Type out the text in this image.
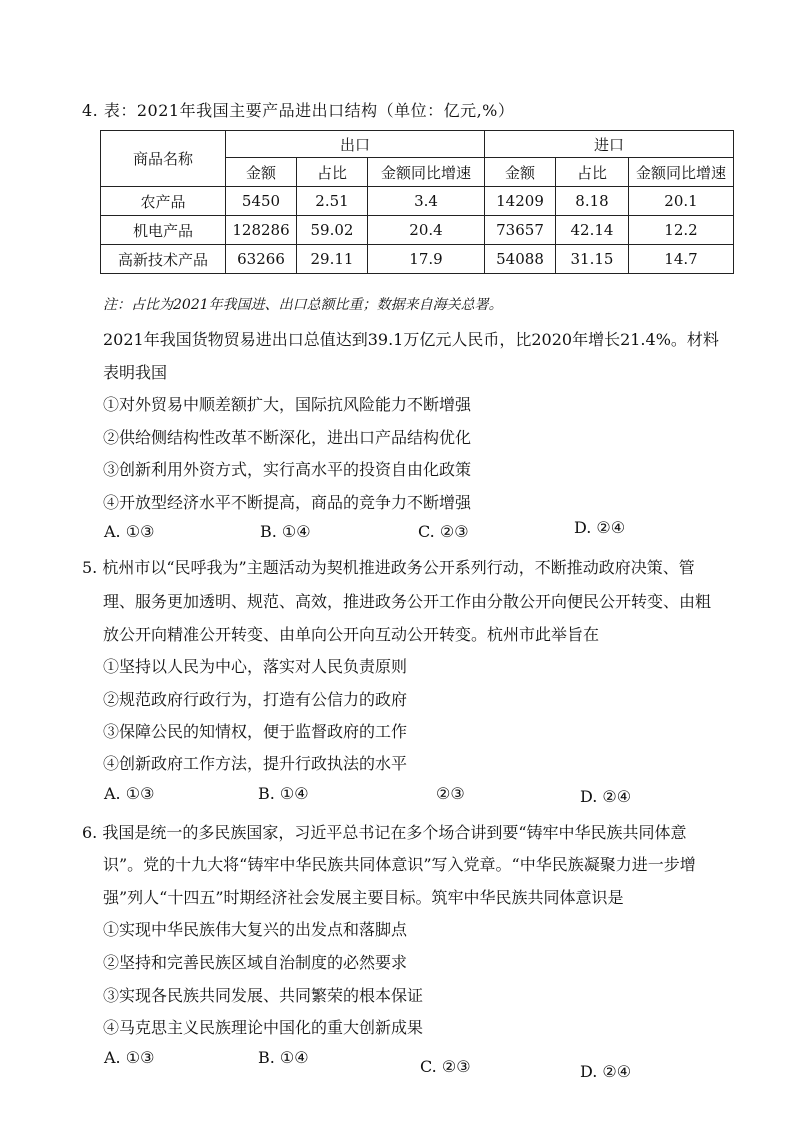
4. 表：2021年我国主要产品进出口结构（单位：亿元,%）
商品名称	出口			进口		
	金额	占比	金额同比增速	金额	占比	金额同比增速
农产品	5450	2.51	3.4	14209	8.18	20.1
机电产品	128286	59.02	20.4	73657	42.14	12.2
高新技术产品	63266	29.11	17.9	54088	31.15	14.7
注：占比为2021年我国进、出口总额比重；数据来自海关总署。
2021年我国货物贸易进出口总值达到39.1万亿元人民币，比2020年增长21.4%。材料
表明我国
①对外贸易中顺差额扩大，国际抗风险能力不断增强
②供给侧结构性改革不断深化，进出口产品结构优化
③创新利用外资方式，实行高水平的投资自由化政策
④开放型经济水平不断提高，商品的竞争力不断增强
A. ①③	B. ①④	C. ②③	D. ②④
5. 杭州市以“民呼我为”主题活动为契机推进政务公开系列行动，不断推动政府决策、管
理、服务更加透明、规范、高效，推进政务公开工作由分散公开向便民公开转变、由粗
放公开向精准公开转变、由单向公开向互动公开转变。杭州市此举旨在
①坚持以人民为中心，落实对人民负责原则
②规范政府行政行为，打造有公信力的政府
③保障公民的知情权，便于监督政府的工作
④创新政府工作方法，提升行政执法的水平
A. ①③	B. ①④	②③	D. ②④
6. 我国是统一的多民族国家，习近平总书记在多个场合讲到要“铸牢中华民族共同体意
识”。党的十九大将“铸牢中华民族共同体意识”写入党章。“中华民族凝聚力进一步增
强”列人“十四五”时期经济社会发展主要目标。筑牢中华民族共同体意识是
①实现中华民族伟大复兴的出发点和落脚点
②坚持和完善民族区域自治制度的必然要求
③实现各民族共同发展、共同繁荣的根本保证
④马克思主义民族理论中国化的重大创新成果
A. ①③	B. ①④	C. ②③	D. ②④
